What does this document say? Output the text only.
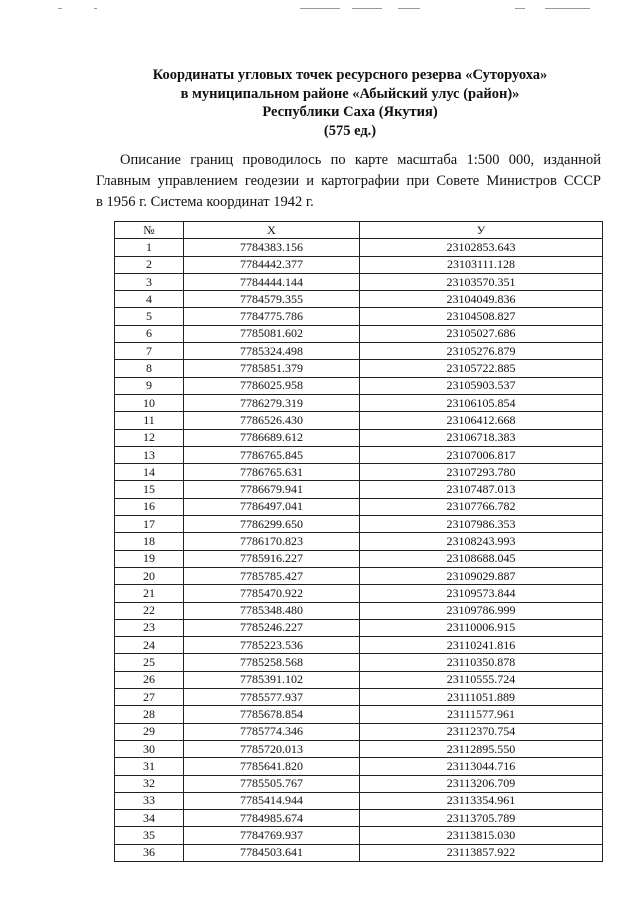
Координаты угловых точек ресурсного резерва «Суторуоха»
в муниципальном районе «Абыйский улус (район)»
Республики Саха (Якутия)
(575 ед.)
Описание границ проводилось по карте масштаба 1:500 000, изданной
Главным управлением геодезии и картографии при Совете Министров СССР
в 1956 г. Система координат 1942 г.
№	X	У
1	7784383.156	23102853.643
2	7784442.377	23103111.128
3	7784444.144	23103570.351
4	7784579.355	23104049.836
5	7784775.786	23104508.827
6	7785081.602	23105027.686
7	7785324.498	23105276.879
8	7785851.379	23105722.885
9	7786025.958	23105903.537
10	7786279.319	23106105.854
11	7786526.430	23106412.668
12	7786689.612	23106718.383
13	7786765.845	23107006.817
14	7786765.631	23107293.780
15	7786679.941	23107487.013
16	7786497.041	23107766.782
17	7786299.650	23107986.353
18	7786170.823	23108243.993
19	7785916.227	23108688.045
20	7785785.427	23109029.887
21	7785470.922	23109573.844
22	7785348.480	23109786.999
23	7785246.227	23110006.915
24	7785223.536	23110241.816
25	7785258.568	23110350.878
26	7785391.102	23110555.724
27	7785577.937	23111051.889
28	7785678.854	23111577.961
29	7785774.346	23112370.754
30	7785720.013	23112895.550
31	7785641.820	23113044.716
32	7785505.767	23113206.709
33	7785414.944	23113354.961
34	7784985.674	23113705.789
35	7784769.937	23113815.030
36	7784503.641	23113857.922
